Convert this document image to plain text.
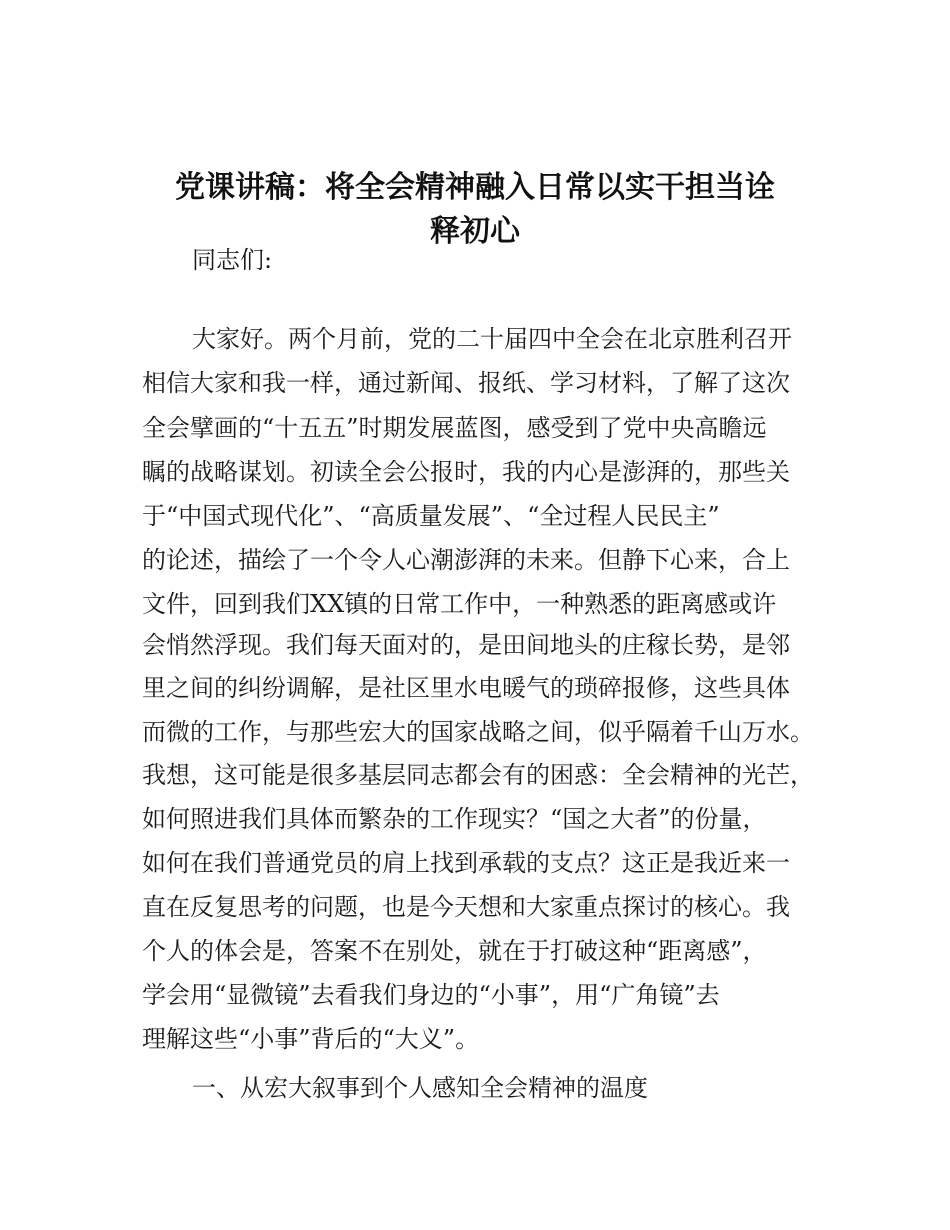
党课讲稿：将全会精神融入日常以实干担当诠
释初心

同志们:

大家好。两个月前，党的二十届四中全会在北京胜利召开

相信大家和我一样，通过新闻、报纸、学习材料，了解了这次

全会擘画的“十五五”时期发展蓝图，感受到了党中央高瞻远

瞩的战略谋划。初读全会公报时，我的内心是澎湃的，那些关

于“中国式现代化”、“高质量发展”、“全过程人民民主”

的论述，描绘了一个令人心潮澎湃的未来。但静下心来，合上

文件，回到我们XX镇的日常工作中，一种熟悉的距离感或许

会悄然浮现。我们每天面对的，是田间地头的庄稼长势，是邻

里之间的纠纷调解，是社区里水电暖气的琐碎报修，这些具体

而微的工作，与那些宏大的国家战略之间，似乎隔着千山万水。

我想，这可能是很多基层同志都会有的困惑：全会精神的光芒，

如何照进我们具体而繁杂的工作现实？“国之大者”的份量，

如何在我们普通党员的肩上找到承载的支点？这正是我近来一

直在反复思考的问题，也是今天想和大家重点探讨的核心。我

个人的体会是，答案不在别处，就在于打破这种“距离感”，

学会用“显微镜”去看我们身边的“小事”，用“广角镜”去

理解这些“小事”背后的“大义”。

一、从宏大叙事到个人感知全会精神的温度
